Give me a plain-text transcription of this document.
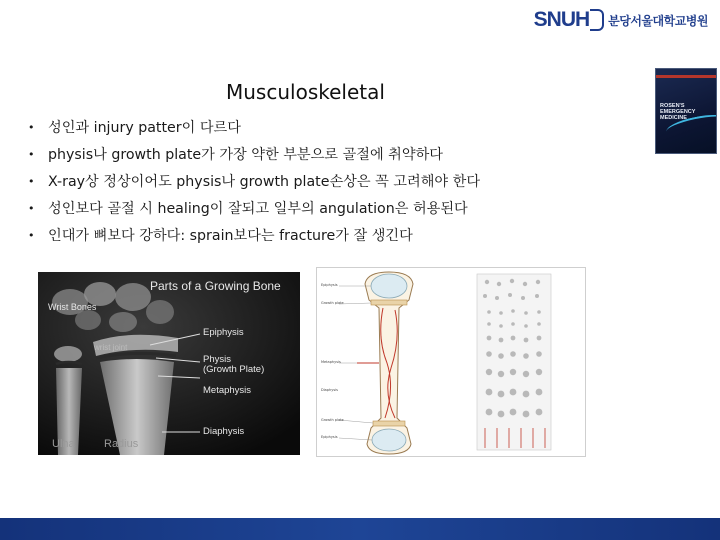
SNUH 분당서울대학교병원
ROSEN'S
EMERGENCY MEDICINE
Musculoskeletal
• 성인과 injury patter이 다르다
• physis나 growth plate가 가장 약한 부분으로 골절에 취약하다
• X-ray상 정상이어도 physis나 growth plate손상은 꼭 고려해야 한다
• 성인보다 골절 시 healing이 잘되고 일부의 angulation은 허용된다
• 인대가 뼈보다 강하다: sprain보다는 fracture가 잘 생긴다
Parts of a Growing Bone
Wrist Bones
wrist joint
Epiphysis
Physis
(Growth Plate)
Metaphysis
Diaphysis
Ulna	Radius
Epiphysis
Growth plate
Metaphysis
Diaphysis
Growth plate
Epiphysis
